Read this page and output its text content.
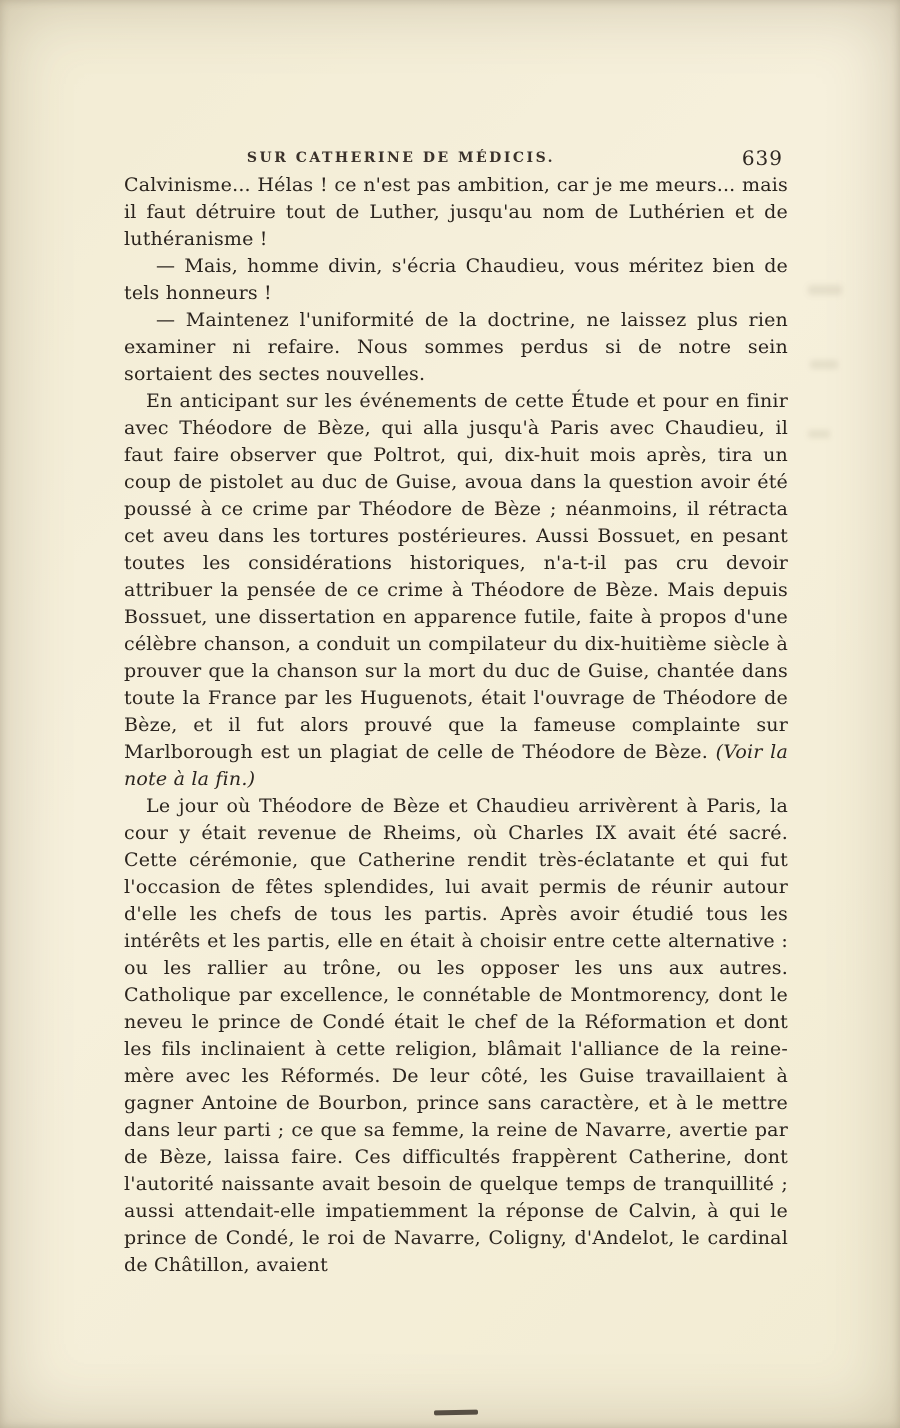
SUR CATHERINE DE MÉDICIS.	639

Calvinisme... Hélas ! ce n'est pas ambition, car je me meurs... mais il faut détruire tout de Luther, jusqu'au nom de Luthérien et de luthéranisme !

— Mais, homme divin, s'écria Chaudieu, vous méritez bien de tels honneurs !

— Maintenez l'uniformité de la doctrine, ne laissez plus rien examiner ni refaire. Nous sommes perdus si de notre sein sortaient des sectes nouvelles.

En anticipant sur les événements de cette Étude et pour en finir avec Théodore de Bèze, qui alla jusqu'à Paris avec Chaudieu, il faut faire observer que Poltrot, qui, dix-huit mois après, tira un coup de pistolet au duc de Guise, avoua dans la question avoir été poussé à ce crime par Théodore de Bèze ; néanmoins, il rétracta cet aveu dans les tortures postérieures. Aussi Bossuet, en pesant toutes les considérations historiques, n'a-t-il pas cru devoir attribuer la pensée de ce crime à Théodore de Bèze. Mais depuis Bossuet, une dissertation en apparence futile, faite à propos d'une célèbre chanson, a conduit un compilateur du dix-huitième siècle à prouver que la chanson sur la mort du duc de Guise, chantée dans toute la France par les Huguenots, était l'ouvrage de Théodore de Bèze, et il fut alors prouvé que la fameuse complainte sur Marlborough est un plagiat de celle de Théodore de Bèze. (Voir la note à la fin.)

Le jour où Théodore de Bèze et Chaudieu arrivèrent à Paris, la cour y était revenue de Rheims, où Charles IX avait été sacré. Cette cérémonie, que Catherine rendit très-éclatante et qui fut l'occasion de fêtes splendides, lui avait permis de réunir autour d'elle les chefs de tous les partis. Après avoir étudié tous les intérêts et les partis, elle en était à choisir entre cette alternative : ou les rallier au trône, ou les opposer les uns aux autres. Catholique par excellence, le connétable de Montmorency, dont le neveu le prince de Condé était le chef de la Réformation et dont les fils inclinaient à cette religion, blâmait l'alliance de la reine-mère avec les Réformés. De leur côté, les Guise travaillaient à gagner Antoine de Bourbon, prince sans caractère, et à le mettre dans leur parti ; ce que sa femme, la reine de Navarre, avertie par de Bèze, laissa faire. Ces difficultés frappèrent Catherine, dont l'autorité naissante avait besoin de quelque temps de tranquillité ; aussi attendait-elle impatiemment la réponse de Calvin, à qui le prince de Condé, le roi de Navarre, Coligny, d'Andelot, le cardinal de Châtillon, avaient
